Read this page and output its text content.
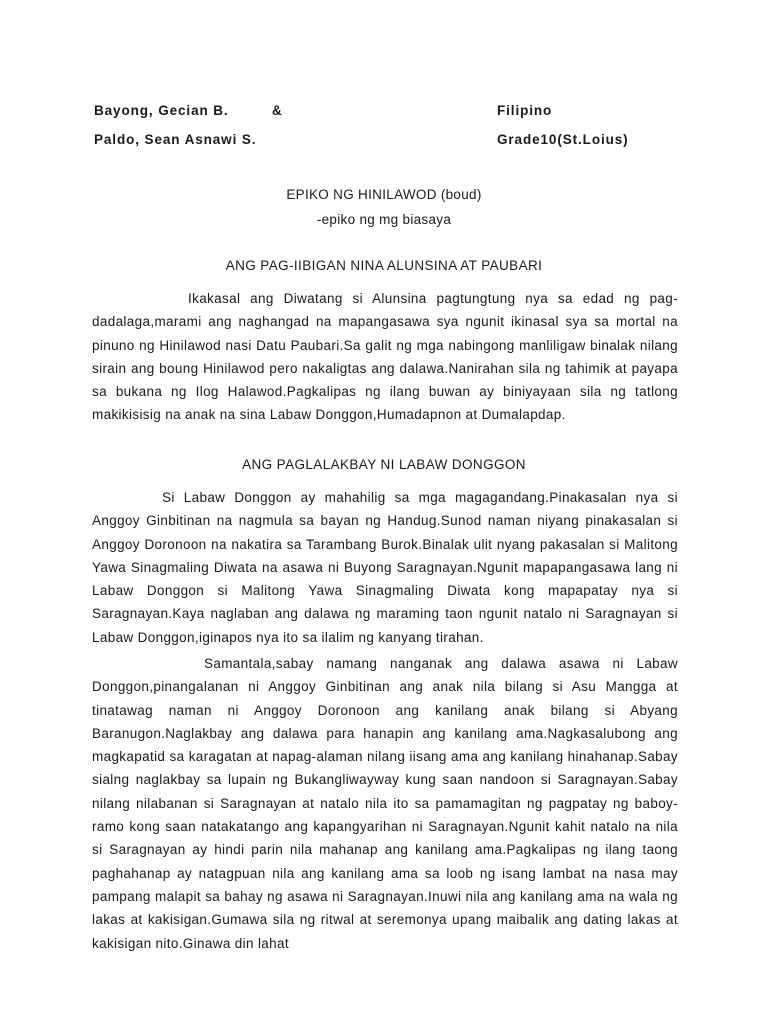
Bayong, Gecian B.	&	Filipino
Paldo, Sean Asnawi S.	Grade10(St.Loius)
EPIKO NG HINILAWOD (boud)
-epiko ng mg biasaya
ANG PAG-IIBIGAN NINA ALUNSINA AT PAUBARI
Ikakasal ang Diwatang si Alunsina pagtungtung nya sa edad ng pag-dadalaga,marami ang naghangad na mapangasawa sya ngunit ikinasal sya sa mortal na pinuno ng Hinilawod nasi Datu Paubari.Sa galit ng mga nabingong manliligaw binalak nilang sirain ang boung Hinilawod pero nakaligtas ang dalawa.Nanirahan sila ng tahimik at payapa sa bukana ng Ilog Halawod.Pagkalipas ng ilang buwan ay biniyayaan sila ng tatlong makikisisig na anak na sina Labaw Donggon,Humadapnon at Dumalapdap.
ANG PAGLALAKBAY NI LABAW DONGGON
Si Labaw Donggon ay mahahilig sa mga magagandang.Pinakasalan nya si Anggoy Ginbitinan na nagmula sa bayan ng Handug.Sunod naman niyang pinakasalan si Anggoy Doronoon na nakatira sa Tarambang Burok.Binalak ulit nyang pakasalan si Malitong Yawa Sinagmaling Diwata na asawa ni Buyong Saragnayan.Ngunit mapapangasawa lang ni Labaw Donggon si Malitong Yawa Sinagmaling Diwata kong mapapatay nya si Saragnayan.Kaya naglaban ang dalawa ng maraming taon ngunit natalo ni Saragnayan si Labaw Donggon,iginapos nya ito sa ilalim ng kanyang tirahan.
Samantala,sabay namang nanganak ang dalawa asawa ni Labaw Donggon,pinangalanan ni Anggoy Ginbitinan ang anak nila bilang si Asu Mangga at tinatawag naman ni Anggoy Doronoon ang kanilang anak bilang si Abyang Baranugon.Naglakbay ang dalawa para hanapin ang kanilang ama.Nagkasalubong ang magkapatid sa karagatan at napag-alaman nilang iisang ama ang kanilang hinahanap.Sabay sialng naglakbay sa lupain ng Bukangliwayway kung saan nandoon si Saragnayan.Sabay nilang nilabanan si Saragnayan at natalo nila ito sa pamamagitan ng pagpatay ng baboy-ramo kong saan natakatango ang kapangyarihan ni Saragnayan.Ngunit kahit natalo na nila si Saragnayan ay hindi parin nila mahanap ang kanilang ama.Pagkalipas ng ilang taong paghahanap ay natagpuan nila ang kanilang ama sa loob ng isang lambat na nasa may pampang malapit sa bahay ng asawa ni Saragnayan.Inuwi nila ang kanilang ama na wala ng lakas at kakisigan.Gumawa sila ng ritwal at seremonya upang maibalik ang dating lakas at kakisigan nito.Ginawa din lahat
